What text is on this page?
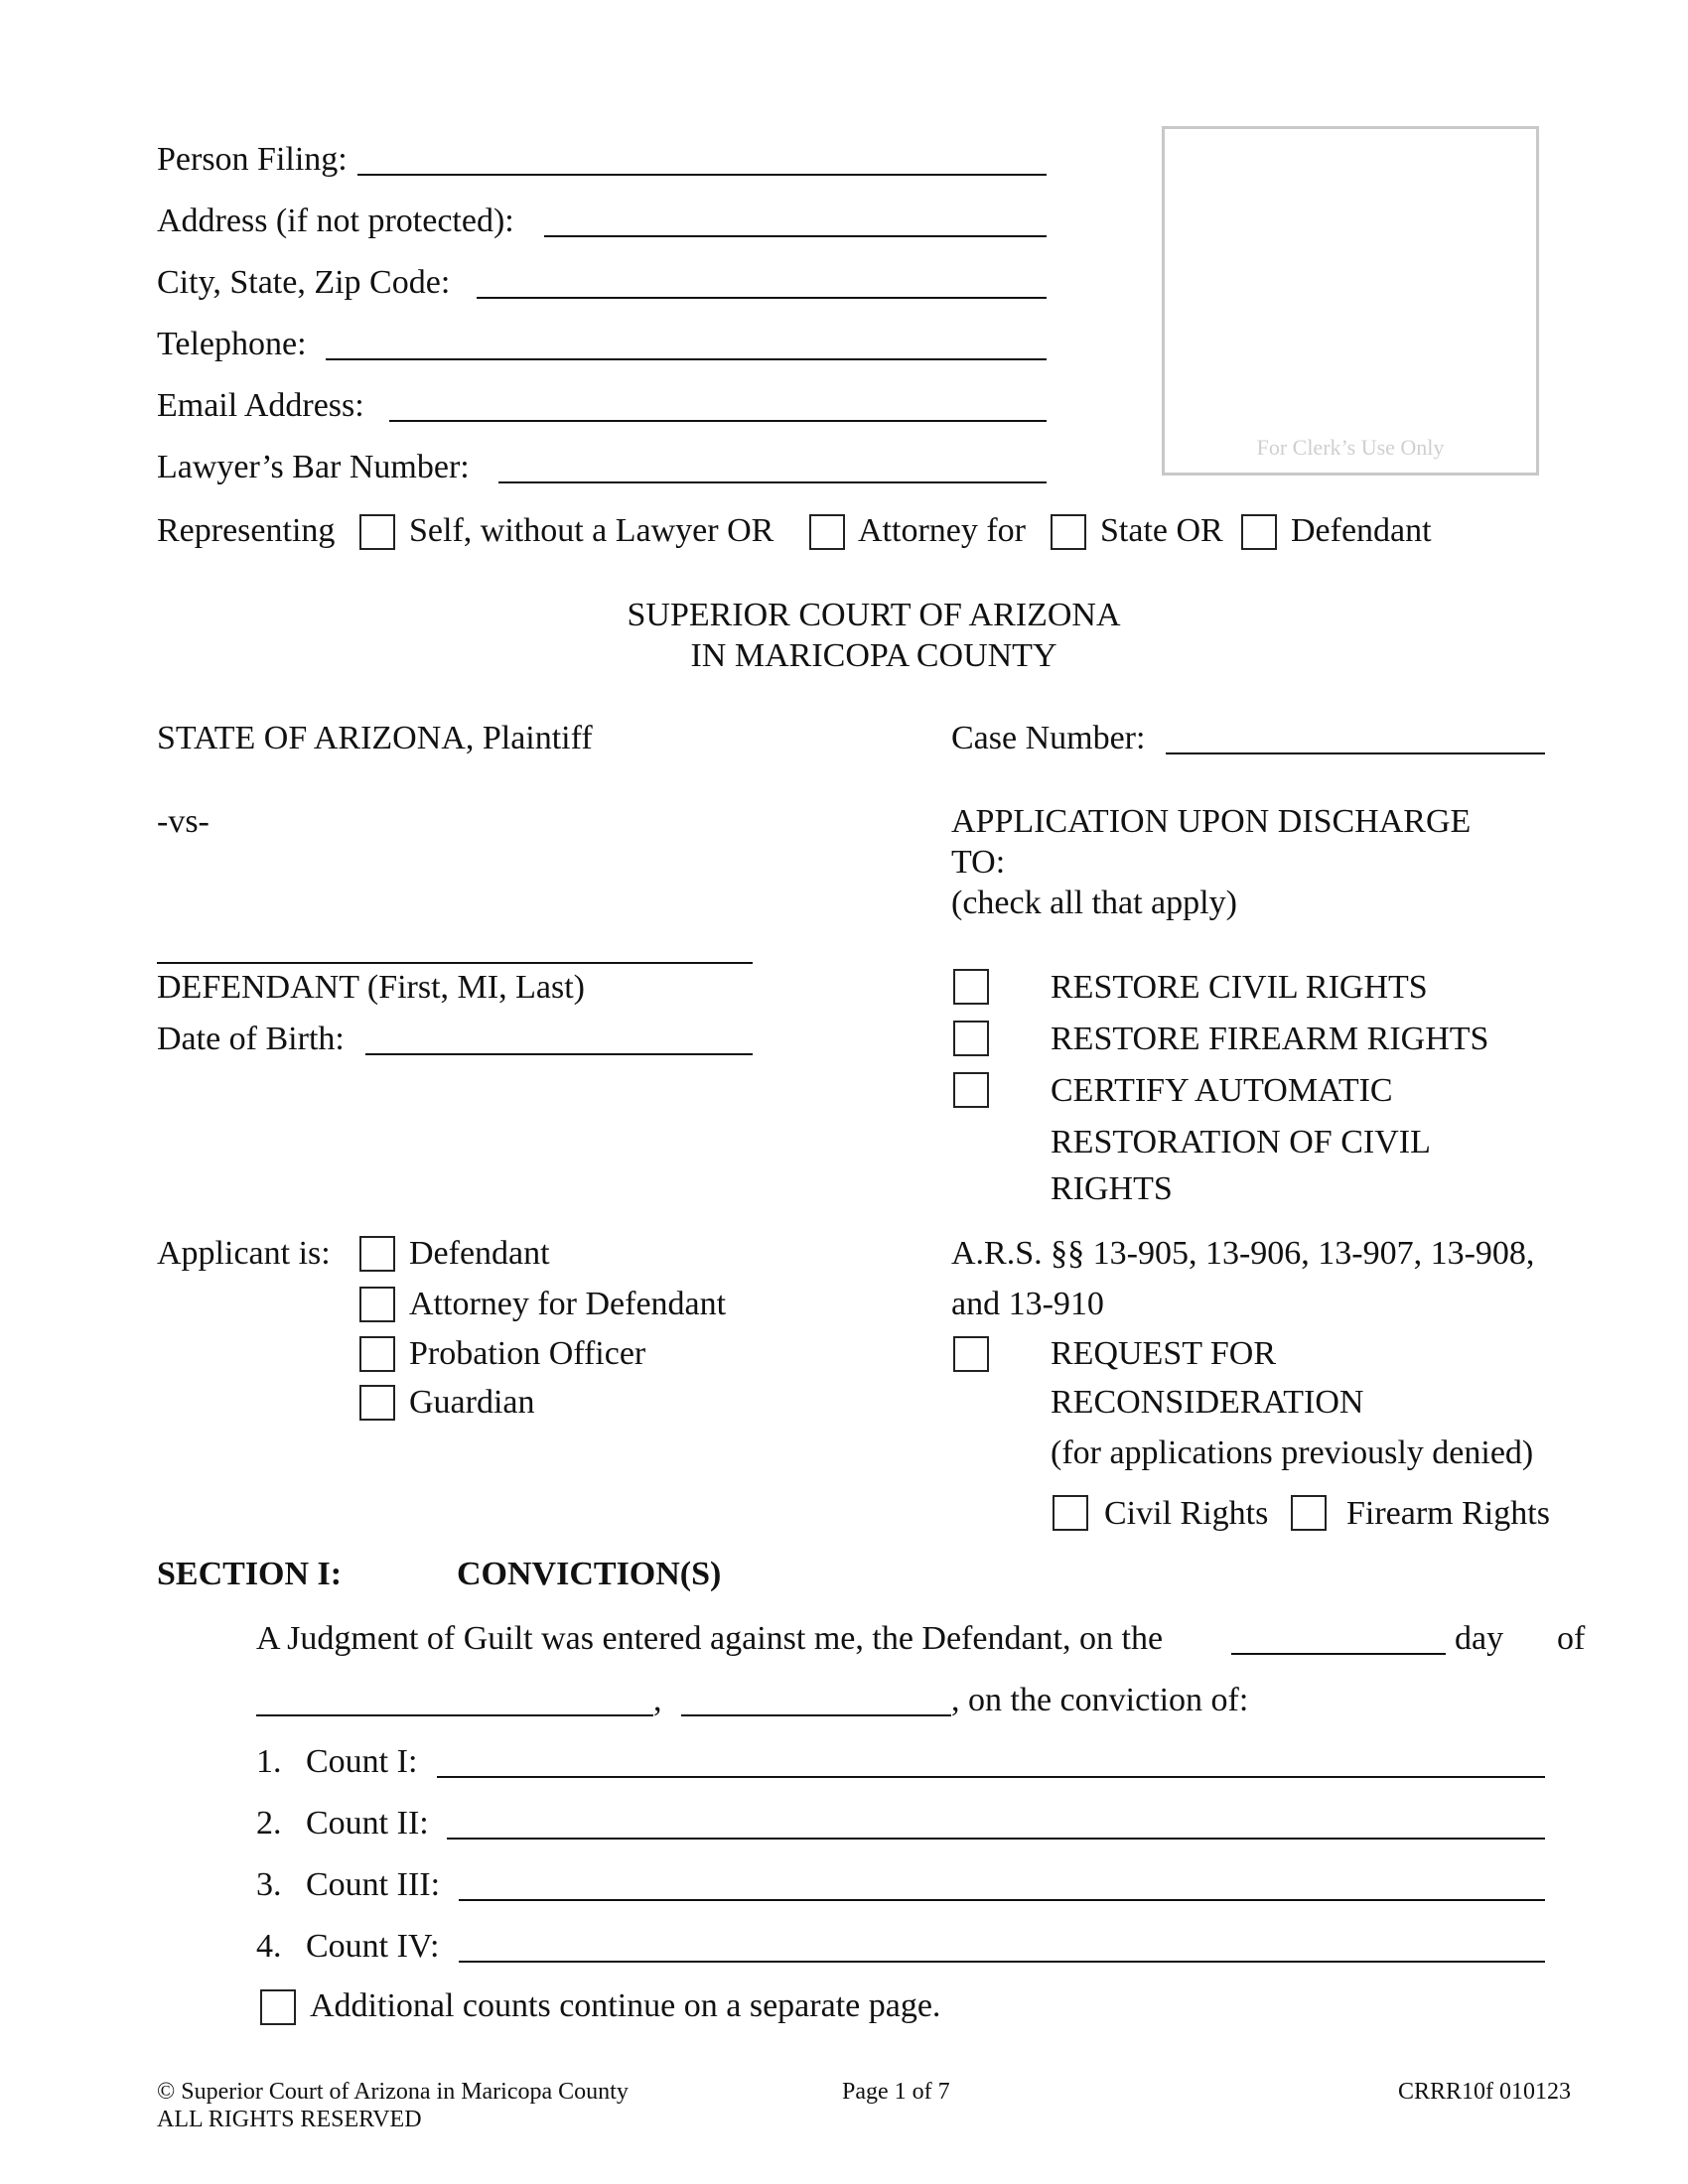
Person Filing:
Address (if not protected):
City, State, Zip Code:
Telephone:
Email Address:
Lawyer’s Bar Number:
For Clerk’s Use Only
Representing Self, without a Lawyer OR Attorney for State OR Defendant
SUPERIOR COURT OF ARIZONA
IN MARICOPA COUNTY
STATE OF ARIZONA, Plaintiff
-vs-
DEFENDANT (First, MI, Last)
Date of Birth:
Case Number:
APPLICATION UPON DISCHARGE
TO:
(check all that apply)
RESTORE CIVIL RIGHTS
RESTORE FIREARM RIGHTS
CERTIFY AUTOMATIC
RESTORATION OF CIVIL
RIGHTS
Applicant is: Defendant
Attorney for Defendant
Probation Officer
Guardian
A.R.S. §§ 13-905, 13-906, 13-907, 13-908,
and 13-910
REQUEST FOR
RECONSIDERATION
(for applications previously denied)
Civil Rights Firearm Rights
SECTION I:	CONVICTION(S)
A Judgment of Guilt was entered against me, the Defendant, on the	day of
,	, on the conviction of:
1. Count I:
2. Count II:
3. Count III:
4. Count IV:
Additional counts continue on a separate page.
© Superior Court of Arizona in Maricopa County
ALL RIGHTS RESERVED
Page 1 of 7	CRRR10f 010123
